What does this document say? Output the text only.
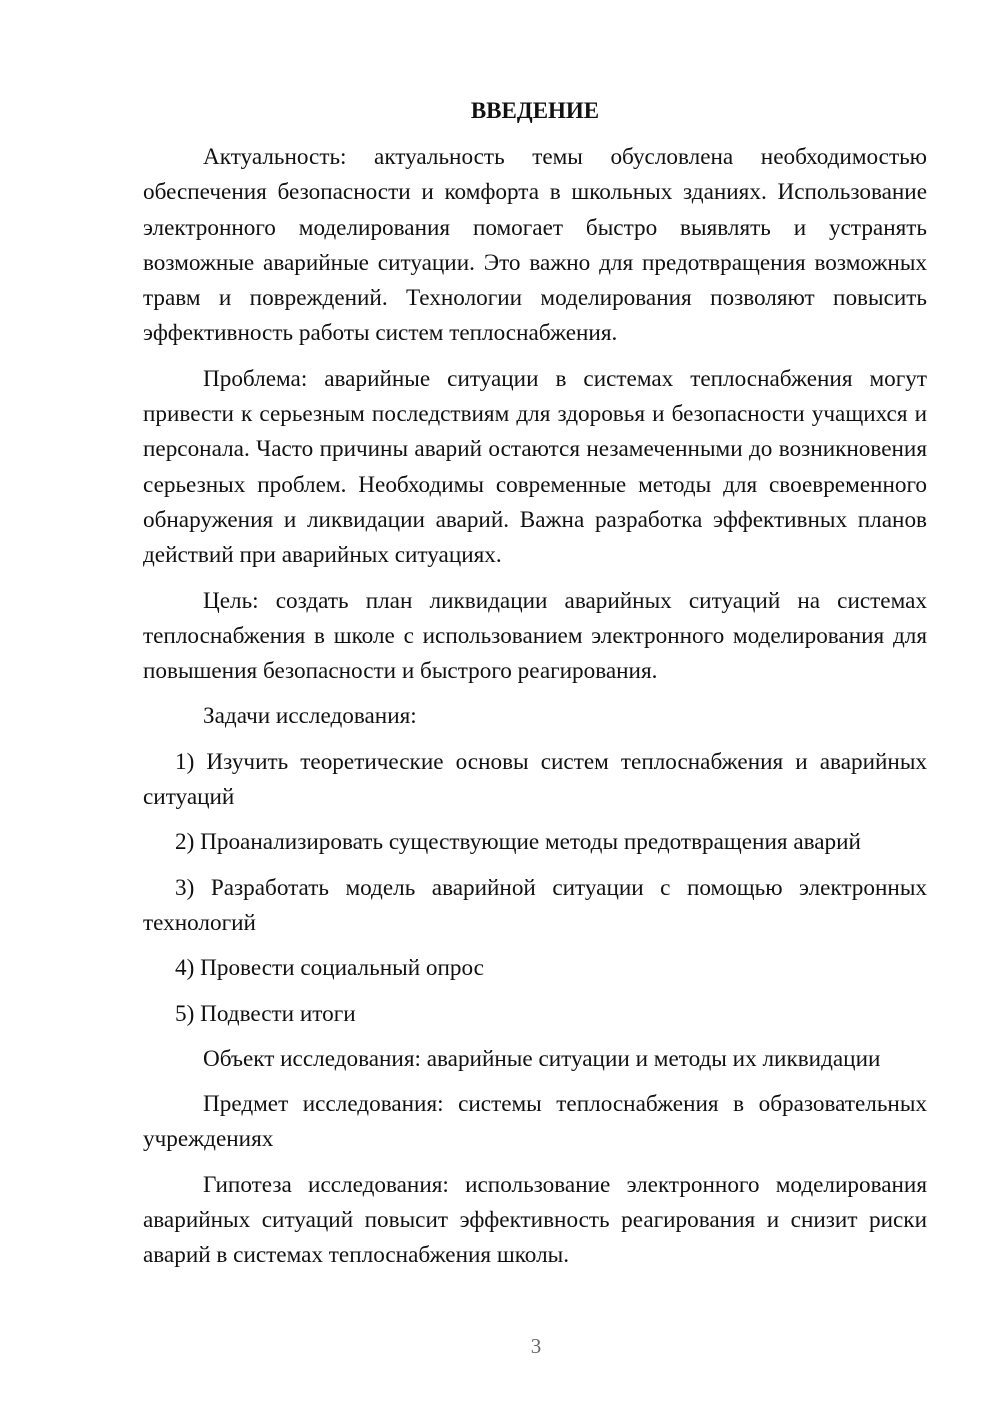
ВВЕДЕНИЕ

Актуальность: актуальность темы обусловлена необходимостью обеспечения безопасности и комфорта в школьных зданиях. Использование электронного моделирования помогает быстро выявлять и устранять возможные аварийные ситуации. Это важно для предотвращения возможных травм и повреждений. Технологии моделирования позволяют повысить эффективность работы систем теплоснабжения.

Проблема: аварийные ситуации в системах теплоснабжения могут привести к серьезным последствиям для здоровья и безопасности учащихся и персонала. Часто причины аварий остаются незамеченными до возникновения серьезных проблем. Необходимы современные методы для своевременного обнаружения и ликвидации аварий. Важна разработка эффективных планов действий при аварийных ситуациях.

Цель: создать план ликвидации аварийных ситуаций на системах теплоснабжения в школе с использованием электронного моделирования для повышения безопасности и быстрого реагирования.

Задачи исследования:

1) Изучить теоретические основы систем теплоснабжения и аварийных ситуаций

2) Проанализировать существующие методы предотвращения аварий

3) Разработать модель аварийной ситуации с помощью электронных технологий

4) Провести социальный опрос

5) Подвести итоги

Объект исследования: аварийные ситуации и методы их ликвидации

Предмет исследования: системы теплоснабжения в образовательных учреждениях

Гипотеза исследования: использование электронного моделирования аварийных ситуаций повысит эффективность реагирования и снизит риски аварий в системах теплоснабжения школы.

3
